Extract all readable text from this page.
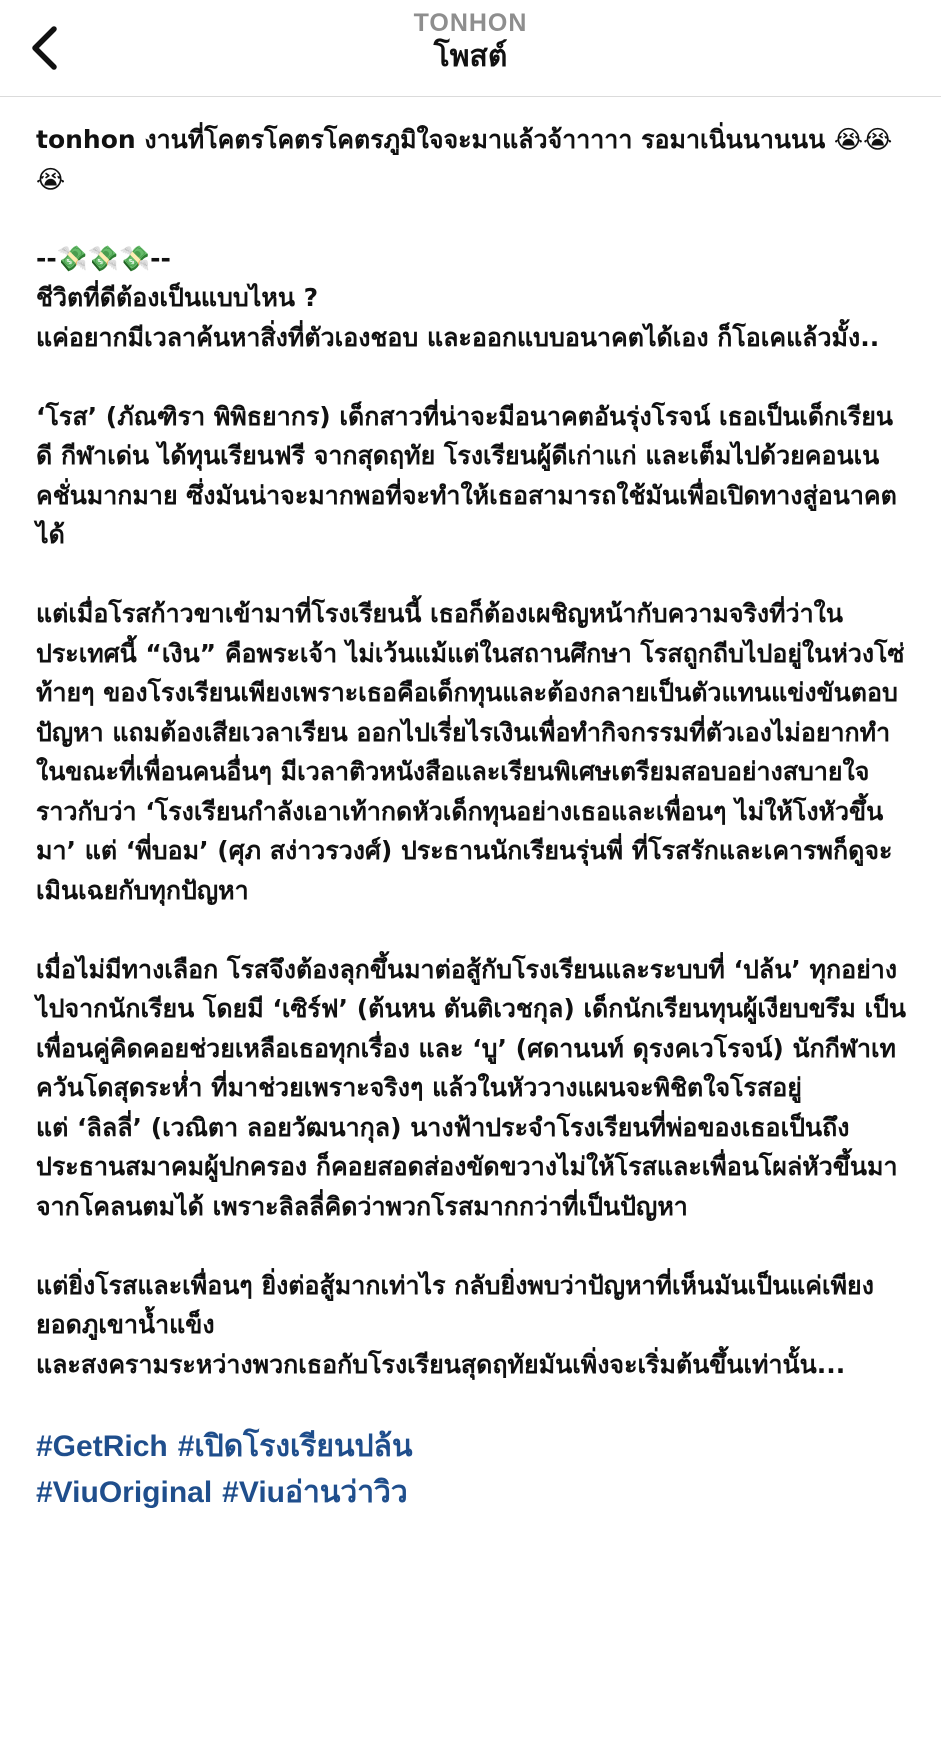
TONHON
โพสต์

tonhon งานที่โคตรโคตรโคตรภูมิใจจะมาแล้วจ้าาาาา รอมาเนิ่นนานนน 😭😭😭

--💸💸💸--
ชีวิตที่ดีต้องเป็นแบบไหน ?
แค่อยากมีเวลาค้นหาสิ่งที่ตัวเองชอบ และออกแบบอนาคตได้เอง ก็โอเคแล้วมั้ง..

‘โรส’ (ภัณฑิรา พิพิธยากร) เด็กสาวที่น่าจะมีอนาคตอันรุ่งโรจน์ เธอเป็นเด็กเรียนดี กีฬาเด่น ได้ทุนเรียนฟรี จากสุดฤทัย โรงเรียนผู้ดีเก่าแก่ และเต็มไปด้วยคอนเนคชั่นมากมาย ซึ่งมันน่าจะมากพอที่จะทำให้เธอสามารถใช้มันเพื่อเปิดทางสู่อนาคตได้

แต่เมื่อโรสก้าวขาเข้ามาที่โรงเรียนนี้ เธอก็ต้องเผชิญหน้ากับความจริงที่ว่าในประเทศนี้ “เงิน” คือพระเจ้า ไม่เว้นแม้แต่ในสถานศึกษา โรสถูกถีบไปอยู่ในห่วงโซ่ท้ายๆ ของโรงเรียนเพียงเพราะเธอคือเด็กทุนและต้องกลายเป็นตัวแทนแข่งขันตอบปัญหา แถมต้องเสียเวลาเรียน ออกไปเรี่ยไรเงินเพื่อทำกิจกรรมที่ตัวเองไม่อยากทำ ในขณะที่เพื่อนคนอื่นๆ มีเวลาติวหนังสือและเรียนพิเศษเตรียมสอบอย่างสบายใจ ราวกับว่า ‘โรงเรียนกำลังเอาเท้ากดหัวเด็กทุนอย่างเธอและเพื่อนๆ ไม่ให้โงหัวขึ้นมา’ แต่ ‘พี่บอม’ (ศุภ สง่าวรวงศ์) ประธานนักเรียนรุ่นพี่ ที่โรสรักและเคารพก็ดูจะเมินเฉยกับทุกปัญหา

เมื่อไม่มีทางเลือก โรสจึงต้องลุกขึ้นมาต่อสู้กับโรงเรียนและระบบที่ ‘ปล้น’ ทุกอย่างไปจากนักเรียน โดยมี ‘เซิร์ฟ’ (ต้นหน ตันติเวชกุล) เด็กนักเรียนทุนผู้เงียบขรึม เป็นเพื่อนคู่คิดคอยช่วยเหลือเธอทุกเรื่อง และ ‘บู’ (ศดานนท์ ดุรงคเวโรจน์) นักกีฬาเทควันโดสุดระห่ำ ที่มาช่วยเพราะจริงๆ แล้วในหัววางแผนจะพิชิตใจโรสอยู่
แต่ ‘ลิลลี่’ (เวณิตา ลอยวัฒนากุล) นางฟ้าประจำโรงเรียนที่พ่อของเธอเป็นถึงประธานสมาคมผู้ปกครอง ก็คอยสอดส่องขัดขวางไม่ให้โรสและเพื่อนโผล่หัวขึ้นมาจากโคลนตมได้ เพราะลิลลี่คิดว่าพวกโรสมากกว่าที่เป็นปัญหา

แต่ยิ่งโรสและเพื่อนๆ ยิ่งต่อสู้มากเท่าไร กลับยิ่งพบว่าปัญหาที่เห็นมันเป็นแค่เพียงยอดภูเขาน้ำแข็ง
และสงครามระหว่างพวกเธอกับโรงเรียนสุดฤทัยมันเพิ่งจะเริ่มต้นขึ้นเท่านั้น...

#GetRich #เปิดโรงเรียนปล้น
#ViuOriginal #Viuอ่านว่าวิว
